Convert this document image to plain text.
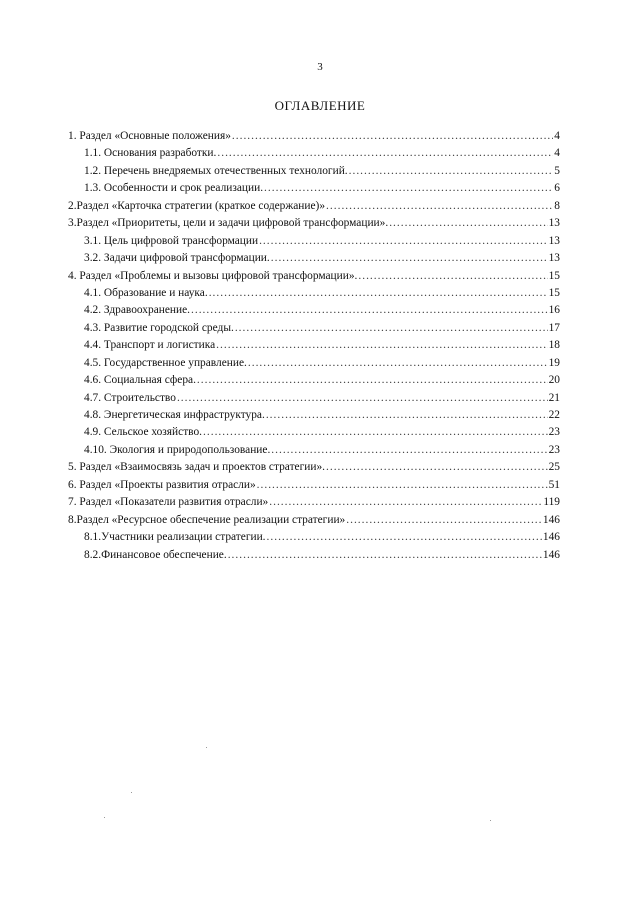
3
ОГЛАВЛЕНИЕ
1. Раздел «Основные положения» .....	4
1.1. Основания разработки. .....	4
1.2. Перечень внедряемых отечественных технологий. .....	5
1.3. Особенности и срок реализации. .....	6
2.Раздел «Карточка стратегии (краткое содержание)» .....	8
3.Раздел «Приоритеты, цели и задачи цифровой трансформации». .....	13
3.1. Цель цифровой трансформации .....	13
3.2. Задачи цифровой трансформации. .....	13
4. Раздел «Проблемы и вызовы цифровой трансформации». .....	15
4.1. Образование и наука. .....	15
4.2. Здравоохранение. .....	16
4.3. Развитие городской среды. .....	17
4.4. Транспорт и логистика .....	18
4.5. Государственное управление. .....	19
4.6. Социальная сфера. .....	20
4.7. Строительство .....	21
4.8. Энергетическая инфраструктура. .....	22
4.9. Сельское хозяйство. .....	23
4.10. Экология и природопользование. .....	23
5. Раздел «Взаимосвязь задач и проектов стратегии». .....	25
6. Раздел «Проекты развития отрасли» .....	51
7. Раздел «Показатели развития отрасли» .....	119
8.Раздел «Ресурсное обеспечение реализации стратегии» .....	146
8.1.Участники реализации стратегии. .....	146
8.2.Финансовое обеспечение. .....	146
